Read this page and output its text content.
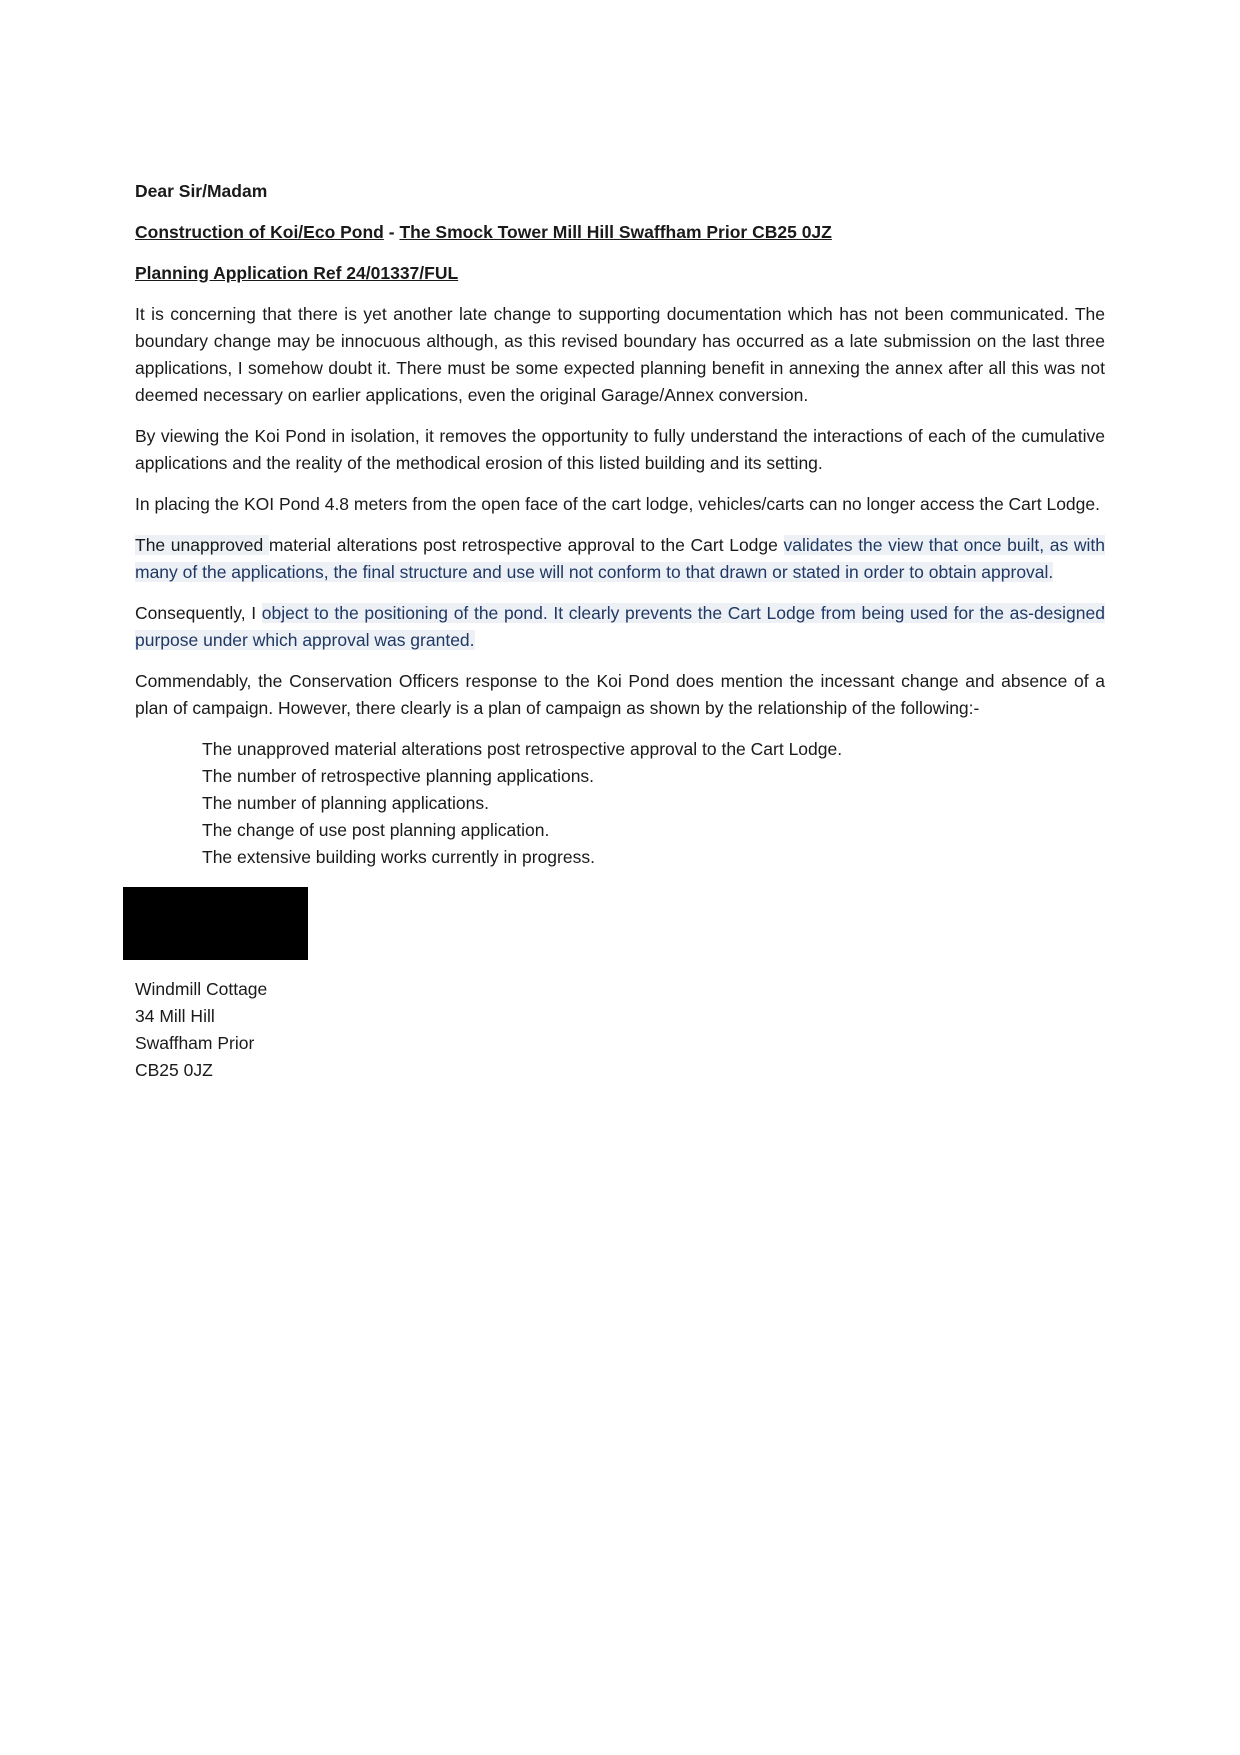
Dear Sir/Madam

Construction of Koi/Eco Pond - The Smock Tower Mill Hill Swaffham Prior CB25 0JZ

Planning Application Ref 24/01337/FUL

It is concerning that there is yet another late change to supporting documentation which has not been communicated. The boundary change may be innocuous although, as this revised boundary has occurred as a late submission on the last three applications, I somehow doubt it. There must be some expected planning benefit in annexing the annex after all this was not deemed necessary on earlier applications, even the original Garage/Annex conversion.

By viewing the Koi Pond in isolation, it removes the opportunity to fully understand the interactions of each of the cumulative applications and the reality of the methodical erosion of this listed building and its setting.

In placing the KOI Pond 4.8 meters from the open face of the cart lodge, vehicles/carts can no longer access the Cart Lodge.

The unapproved material alterations post retrospective approval to the Cart Lodge validates the view that once built, as with many of the applications, the final structure and use will not conform to that drawn or stated in order to obtain approval.

Consequently, I object to the positioning of the pond. It clearly prevents the Cart Lodge from being used for the as-designed purpose under which approval was granted.

Commendably, the Conservation Officers response to the Koi Pond does mention the incessant change and absence of a plan of campaign. However, there clearly is a plan of campaign as shown by the relationship of the following:-

The unapproved material alterations post retrospective approval to the Cart Lodge.
The number of retrospective planning applications.
The number of planning applications.
The change of use post planning application.
The extensive building works currently in progress.
Windmill Cottage
34 Mill Hill
Swaffham Prior
CB25 0JZ
